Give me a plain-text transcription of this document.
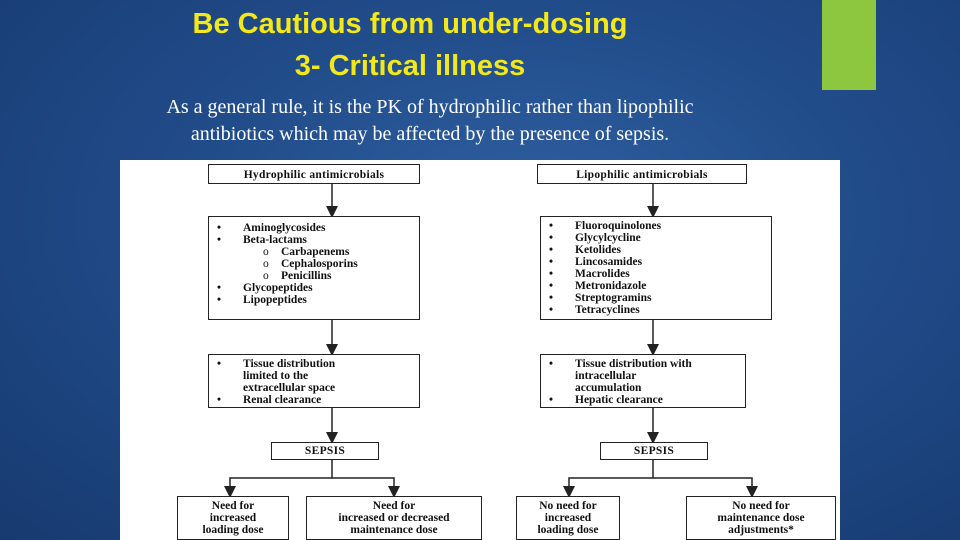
Be Cautious from under-dosing
3- Critical illness
As a general rule, it is the PK of hydrophilic rather than lipophilic
antibiotics which may be affected by the presence of sepsis.
Hydrophilic antimicrobials
• Aminoglycosides
• Beta-lactams
o Carbapenems
o Cephalosporins
o Penicillins
• Glycopeptides
• Lipopeptides
• Tissue distribution
limited to the
extracellular space
• Renal clearance
SEPSIS
Need for
increased
loading dose
Need for
increased or decreased
maintenance dose
Lipophilic antimicrobials
• Fluoroquinolones
• Glycylcycline
• Ketolides
• Lincosamides
• Macrolides
• Metronidazole
• Streptogramins
• Tetracyclines
• Tissue distribution with
intracellular
accumulation
• Hepatic clearance
SEPSIS
No need for
increased
loading dose
No need for
maintenance dose
adjustments*
